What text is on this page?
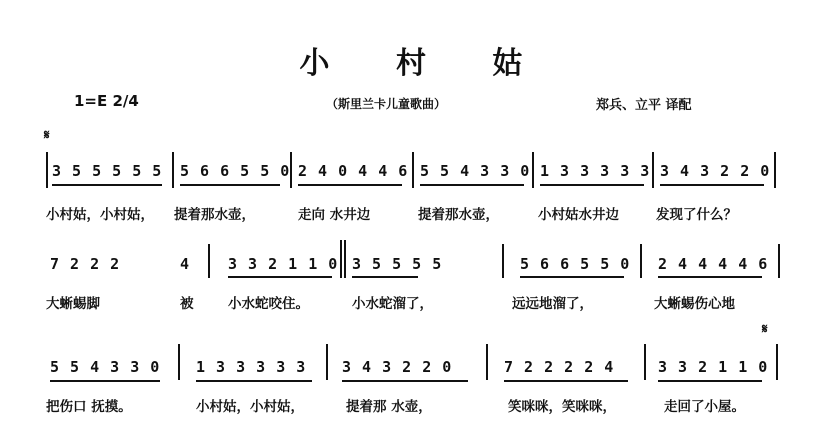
小 村 姑
1=E 2/4	（斯里兰卡儿童歌曲）	郑兵、立平 译配
𝄋
3 5 5 5 5 5 5 6 6 5 5 0 2 4 0 4 4 6 5 5 4 3 3 0 1 3 3 3 3 3 3 4 3 2 2 0
小村姑，小村姑， 提着那水壶，	走向 水井边	提着那水壶，	小村姑水井边	发现了什么？
7 2 2 2	4	3 3 2 1 1 0 3 5 5 5 5	5 6 6 5 5 0 2 4 4 4 4 6
大蜥蜴脚	被	小水蛇咬住。	小水蛇溜了，	远远地溜了，	大蜥蜴伤心地
𝄋
5 5 4 3 3 0 1 3 3 3 3 3 3 4 3 2 2 0	7 2 2 2 2 4	3 3 2 1 1 0
把伤口 抚摸。	小村姑，小村姑，	提着那 水壶，	笑咪咪，笑咪咪，	走回了小屋。
